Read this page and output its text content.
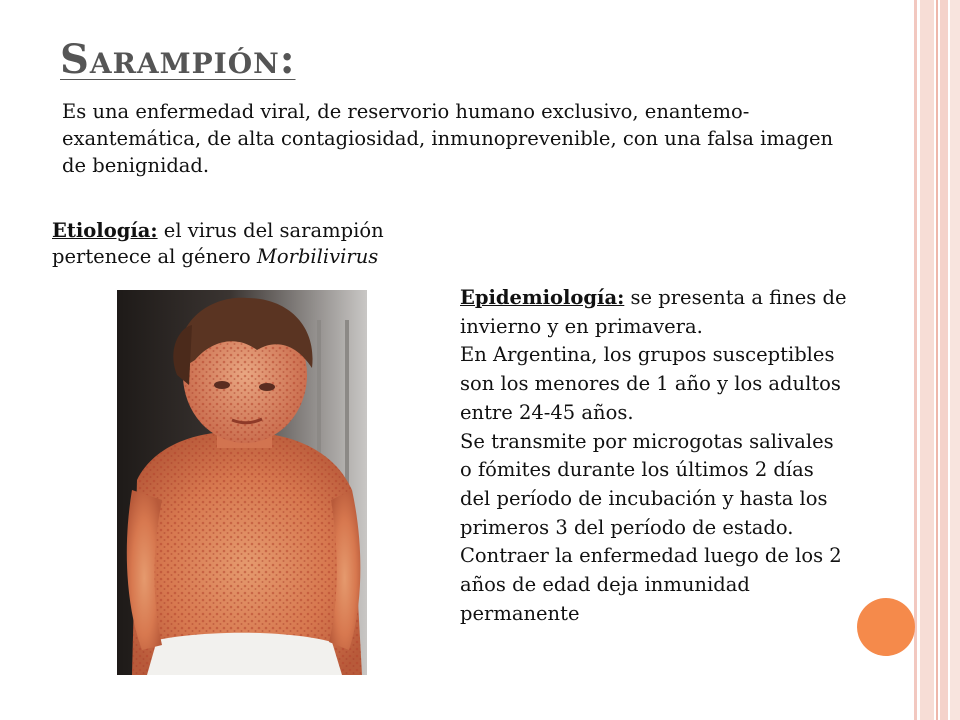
Sarampión:

Es una enfermedad viral, de reservorio humano exclusivo, enantemo-exantemática, de alta contagiosidad, inmunoprevenible, con una falsa imagen de benignidad.

Etiología: el virus del sarampión pertenece al género Morbilivirus

Epidemiología: se presenta a fines de invierno y en primavera.

En Argentina, los grupos susceptibles son los menores de 1 año y los adultos entre 24-45 años.

Se transmite por microgotas salivales o fómites durante los últimos 2 días del período de incubación y hasta los primeros 3 del período de estado.

Contraer la enfermedad luego de los 2 años de edad deja inmunidad permanente
